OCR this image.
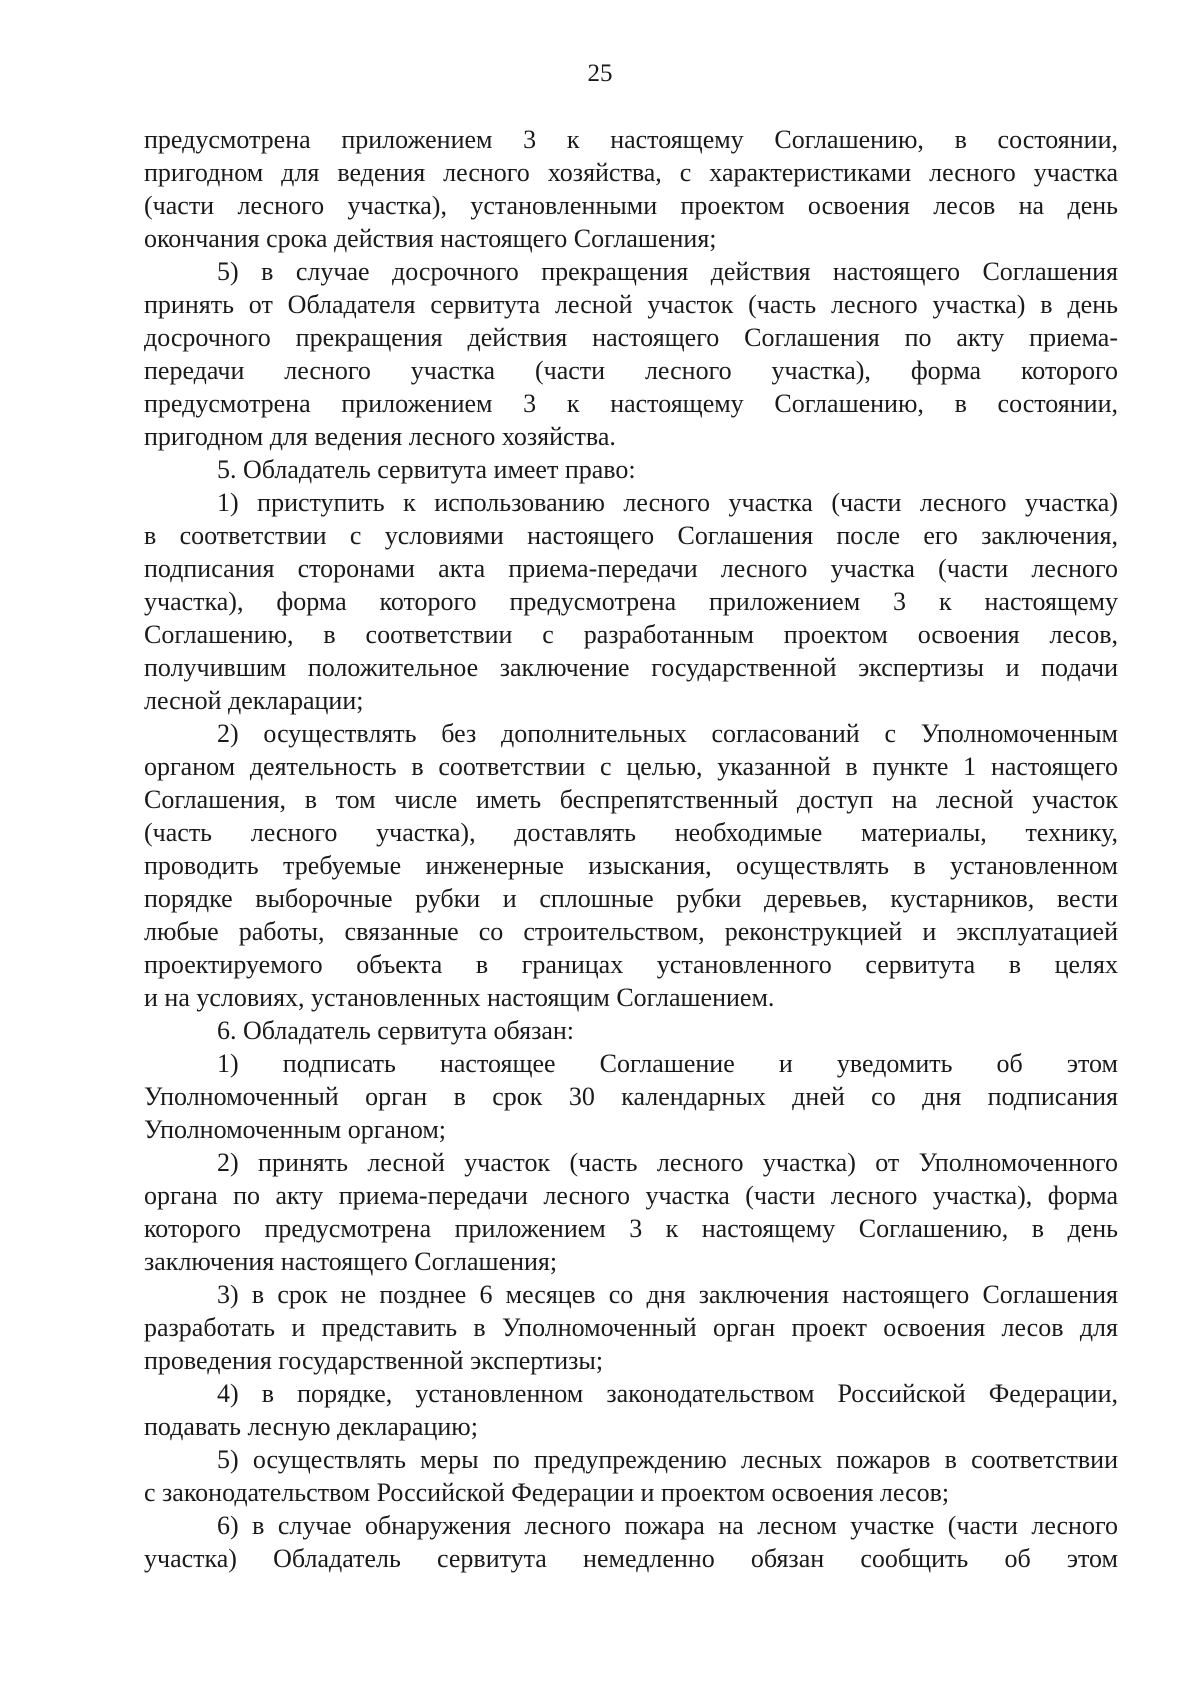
25
предусмотрена приложением 3 к настоящему Соглашению, в состоянии,
пригодном для ведения лесного хозяйства, с характеристиками лесного участка
(части лесного участка), установленными проектом освоения лесов на день
окончания срока действия настоящего Соглашения;
5) в случае досрочного прекращения действия настоящего Соглашения
принять от Обладателя сервитута лесной участок (часть лесного участка) в день
досрочного прекращения действия настоящего Соглашения по акту приема-
передачи лесного участка (части лесного участка), форма которого
предусмотрена приложением 3 к настоящему Соглашению, в состоянии,
пригодном для ведения лесного хозяйства.
5. Обладатель сервитута имеет право:
1) приступить к использованию лесного участка (части лесного участка)
в соответствии с условиями настоящего Соглашения после его заключения,
подписания сторонами акта приема-передачи лесного участка (части лесного
участка), форма которого предусмотрена приложением 3 к настоящему
Соглашению, в соответствии с разработанным проектом освоения лесов,
получившим положительное заключение государственной экспертизы и подачи
лесной декларации;
2) осуществлять без дополнительных согласований с Уполномоченным
органом деятельность в соответствии с целью, указанной в пункте 1 настоящего
Соглашения, в том числе иметь беспрепятственный доступ на лесной участок
(часть лесного участка), доставлять необходимые материалы, технику,
проводить требуемые инженерные изыскания, осуществлять в установленном
порядке выборочные рубки и сплошные рубки деревьев, кустарников, вести
любые работы, связанные со строительством, реконструкцией и эксплуатацией
проектируемого объекта в границах установленного сервитута в целях
и на условиях, установленных настоящим Соглашением.
6. Обладатель сервитута обязан:
1) подписать настоящее Соглашение и уведомить об этом
Уполномоченный орган в срок 30 календарных дней со дня подписания
Уполномоченным органом;
2) принять лесной участок (часть лесного участка) от Уполномоченного
органа по акту приема-передачи лесного участка (части лесного участка), форма
которого предусмотрена приложением 3 к настоящему Соглашению, в день
заключения настоящего Соглашения;
3) в срок не позднее 6 месяцев со дня заключения настоящего Соглашения
разработать и представить в Уполномоченный орган проект освоения лесов для
проведения государственной экспертизы;
4) в порядке, установленном законодательством Российской Федерации,
подавать лесную декларацию;
5) осуществлять меры по предупреждению лесных пожаров в соответствии
с законодательством Российской Федерации и проектом освоения лесов;
6) в случае обнаружения лесного пожара на лесном участке (части лесного
участка) Обладатель сервитута немедленно обязан сообщить об этом
